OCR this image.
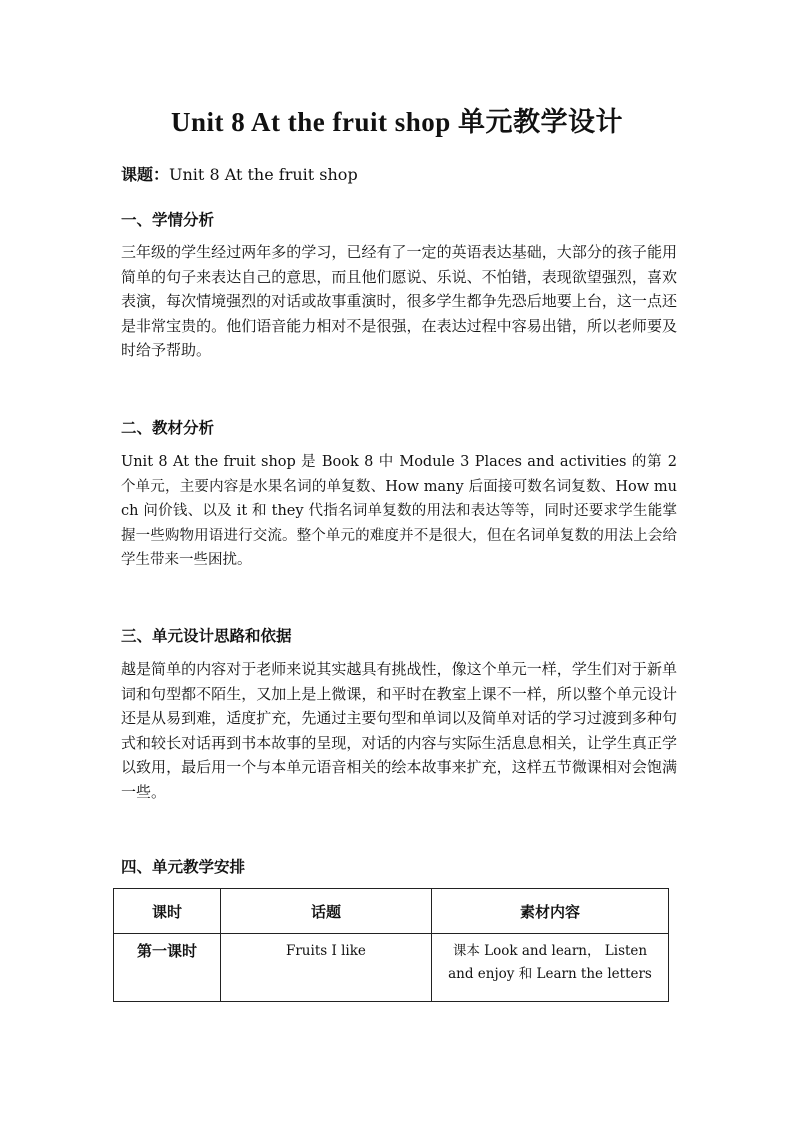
Unit 8 At the fruit shop 单元教学设计
课题：Unit 8 At the fruit shop
一、学情分析
三年级的学生经过两年多的学习，已经有了一定的英语表达基础，大部分的孩子能用简单的句子来表达自己的意思，而且他们愿说、乐说、不怕错，表现欲望强烈，喜欢表演，每次情境强烈的对话或故事重演时，很多学生都争先恐后地要上台，这一点还是非常宝贵的。他们语音能力相对不是很强，在表达过程中容易出错，所以老师要及时给予帮助。
二、教材分析
Unit 8 At the fruit shop 是 Book 8 中 Module 3 Places and activities 的第 2 个单元，主要内容是水果名词的单复数、How many 后面接可数名词复数、How much 问价钱、以及 it 和 they 代指名词单复数的用法和表达等等，同时还要求学生能掌握一些购物用语进行交流。整个单元的难度并不是很大，但在名词单复数的用法上会给学生带来一些困扰。
三、单元设计思路和依据
越是简单的内容对于老师来说其实越具有挑战性，像这个单元一样，学生们对于新单词和句型都不陌生，又加上是上微课，和平时在教室上课不一样，所以整个单元设计还是从易到难，适度扩充，先通过主要句型和单词以及简单对话的学习过渡到多种句式和较长对话再到书本故事的呈现，对话的内容与实际生活息息相关，让学生真正学以致用，最后用一个与本单元语音相关的绘本故事来扩充，这样五节微课相对会饱满一些。
四、单元教学安排
课时	话题	素材内容
第一课时	Fruits I like	课本 Look and learn， Listen and enjoy 和 Learn the letters
